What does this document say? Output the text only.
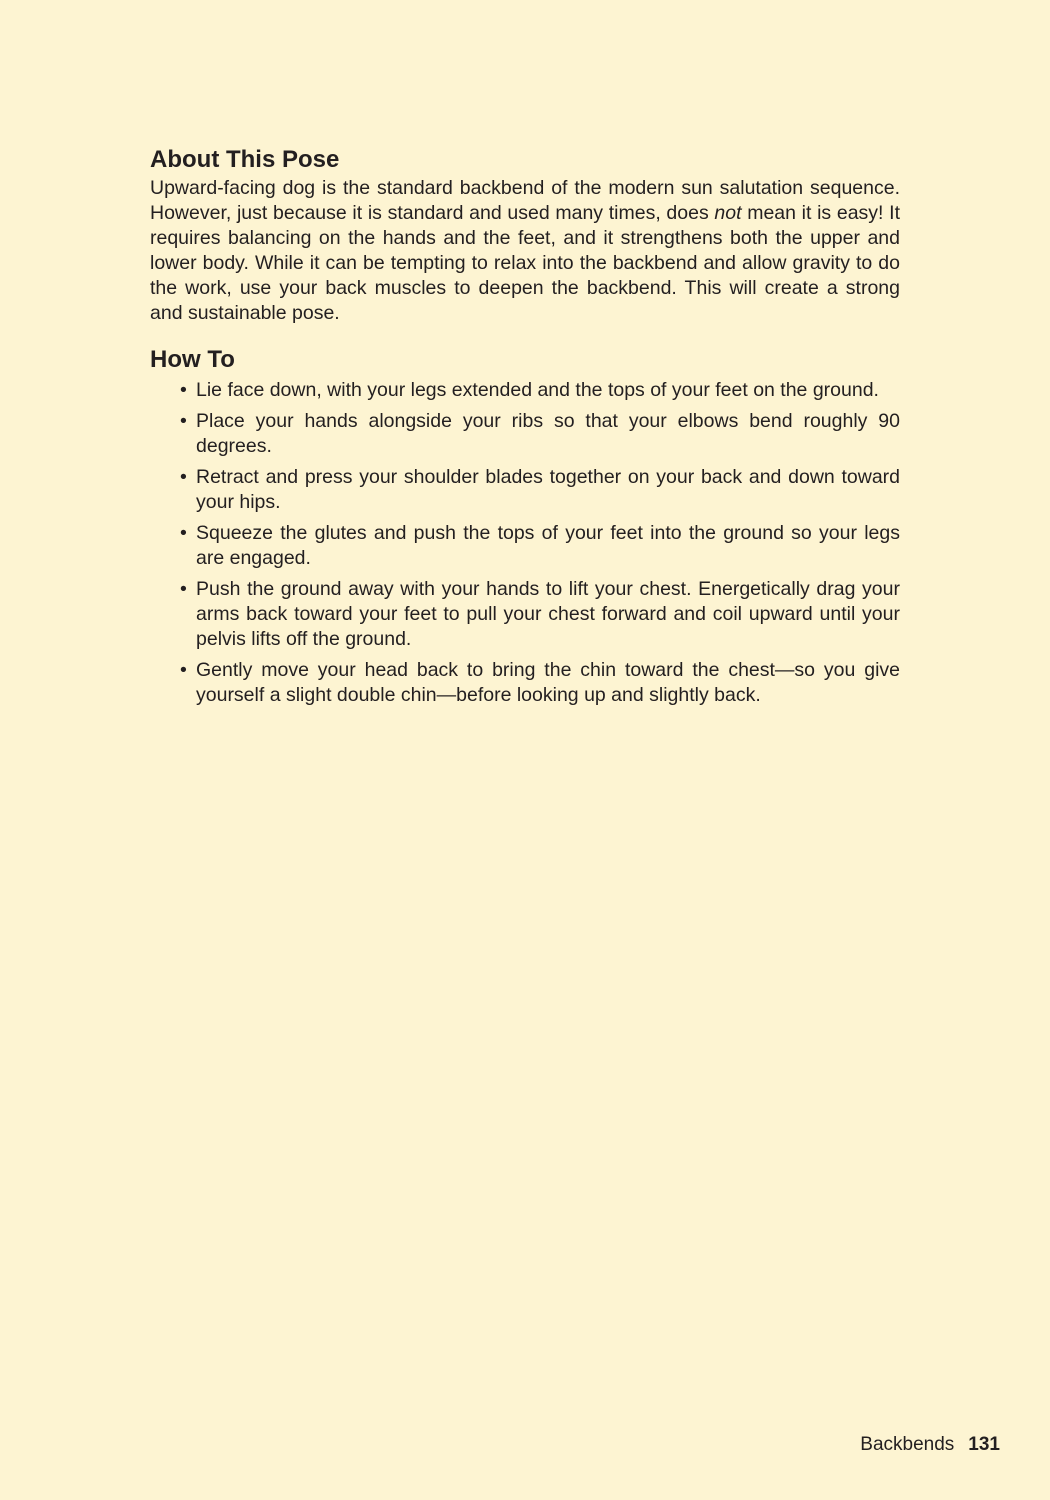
About This Pose

Upward-facing dog is the standard backbend of the modern sun salutation sequence. However, just because it is standard and used many times, does not mean it is easy! It requires balancing on the hands and the feet, and it strengthens both the upper and lower body. While it can be tempting to relax into the backbend and allow gravity to do the work, use your back muscles to deepen the backbend. This will create a strong and sustainable pose.

How To
• Lie face down, with your legs extended and the tops of your feet on the ground.
• Place your hands alongside your ribs so that your elbows bend roughly 90 degrees.
• Retract and press your shoulder blades together on your back and down toward your hips.
• Squeeze the glutes and push the tops of your feet into the ground so your legs are engaged.
• Push the ground away with your hands to lift your chest. Energetically drag your arms back toward your feet to pull your chest forward and coil upward until your pelvis lifts off the ground.
• Gently move your head back to bring the chin toward the chest—so you give yourself a slight double chin—before looking up and slightly back.
Backbends 131
